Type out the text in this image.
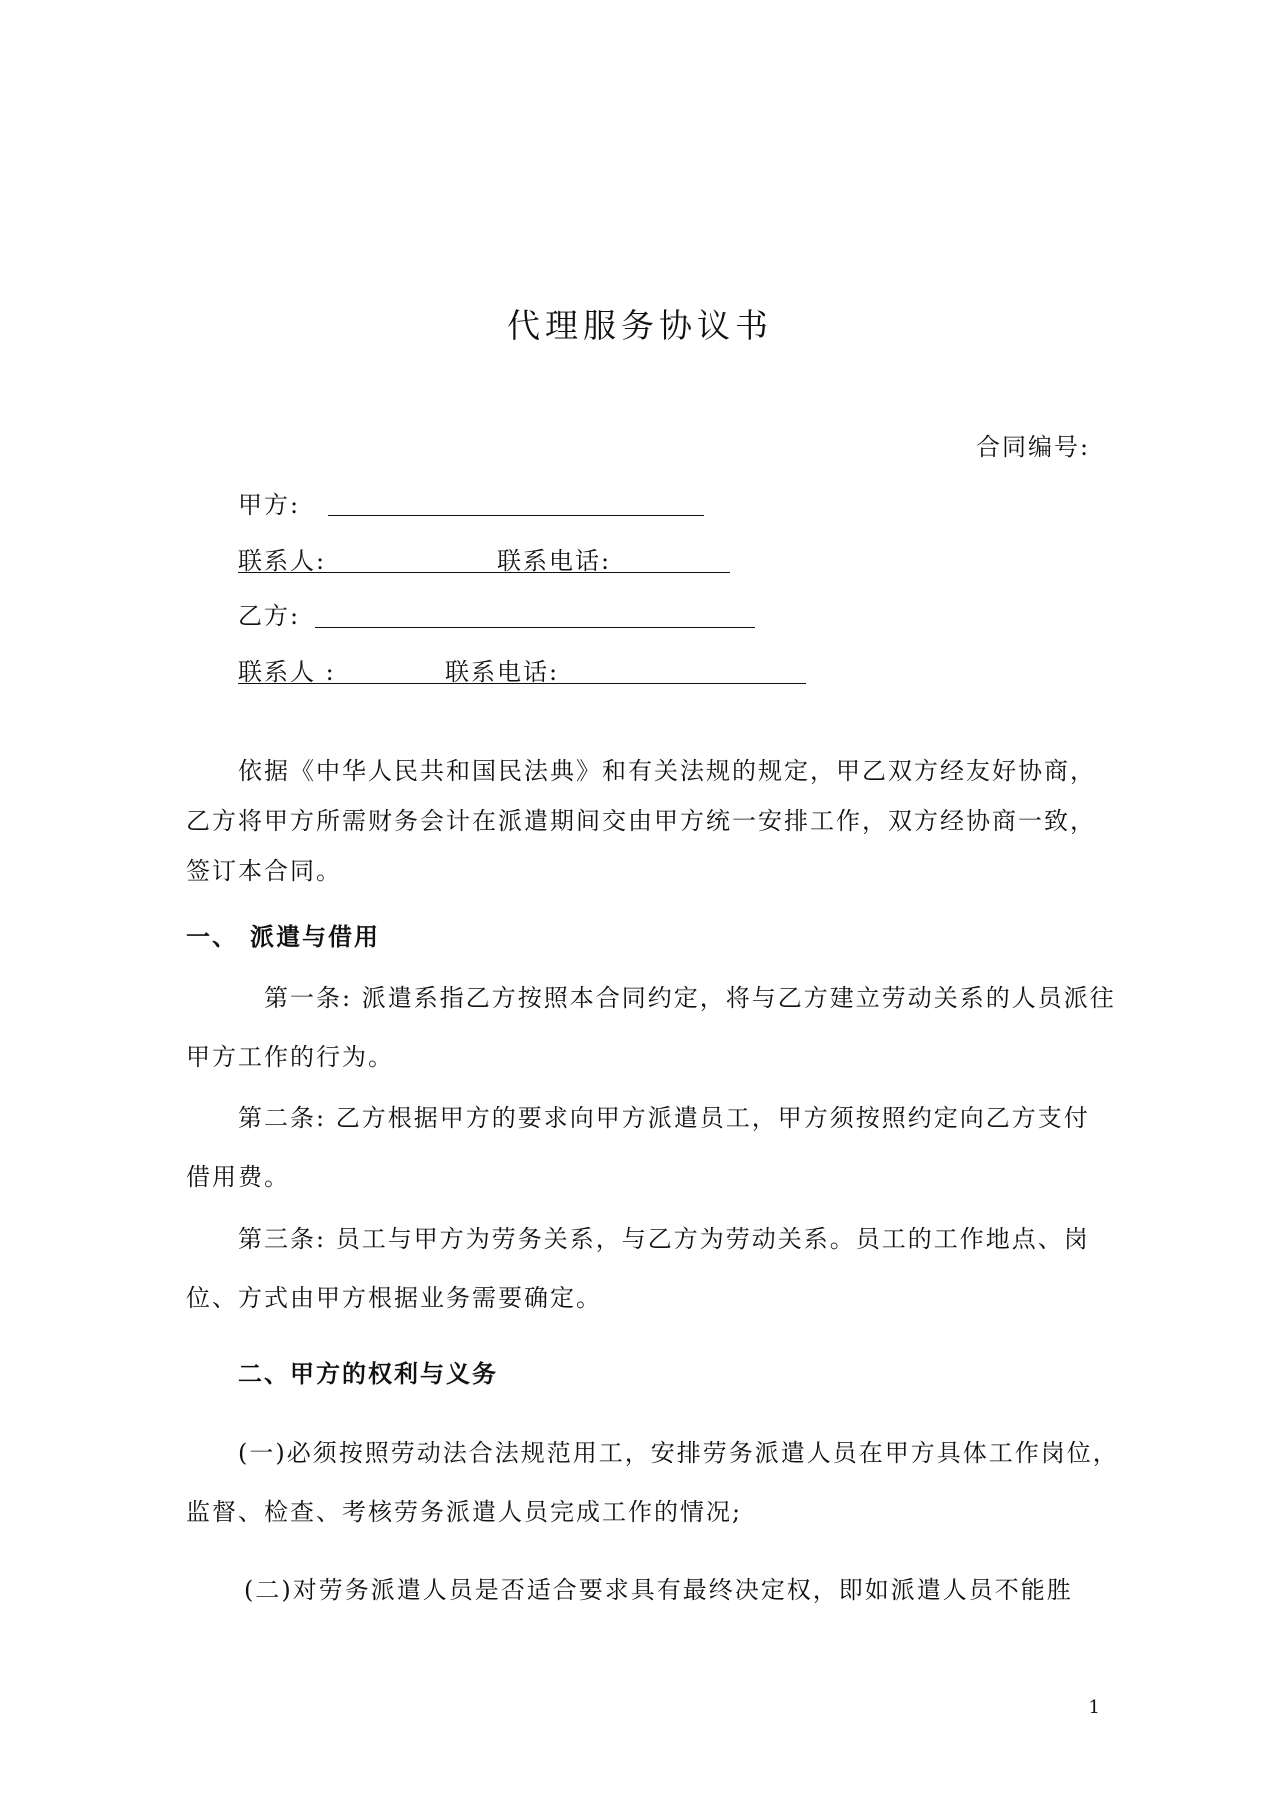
代理服务协议书
合同编号:
甲方:
联系人:	联系电话:
乙方:
联系人 :	联系电话:
依据《中华人民共和国民法典》和有关法规的规定，甲乙双方经友好协商，
乙方将甲方所需财务会计在派遣期间交由甲方统一安排工作，双方经协商一致，
签订本合同。
一、 派遣与借用
第一条: 派遣系指乙方按照本合同约定，将与乙方建立劳动关系的人员派往
甲方工作的行为。
第二条: 乙方根据甲方的要求向甲方派遣员工，甲方须按照约定向乙方支付
借用费。
第三条: 员工与甲方为劳务关系，与乙方为劳动关系。员工的工作地点、岗
位、方式由甲方根据业务需要确定。
二、甲方的权利与义务
(一)必须按照劳动法合法规范用工，安排劳务派遣人员在甲方具体工作岗位，
监督、检查、考核劳务派遣人员完成工作的情况;
(二)对劳务派遣人员是否适合要求具有最终决定权，即如派遣人员不能胜
1
